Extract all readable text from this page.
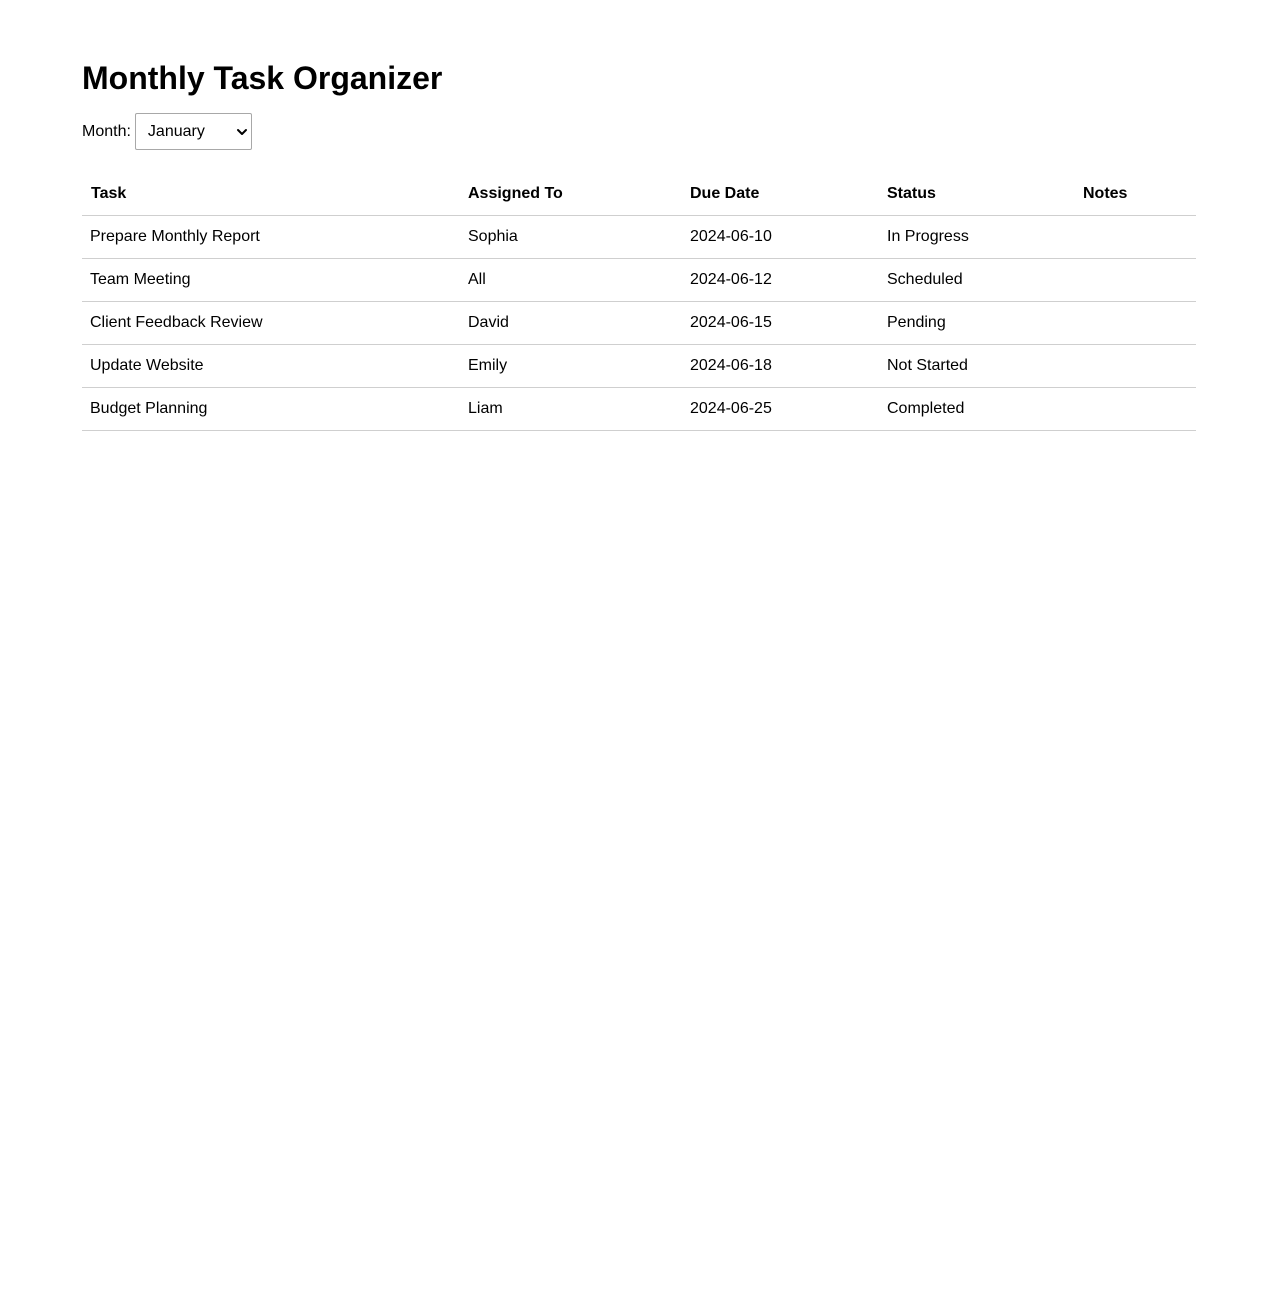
Monthly Task Organizer
Month: January
Task	Assigned To	Due Date	Status	Notes
Prepare Monthly Report	Sophia	2024-06-10	In Progress	
Team Meeting	All	2024-06-12	Scheduled	
Client Feedback Review	David	2024-06-15	Pending	
Update Website	Emily	2024-06-18	Not Started	
Budget Planning	Liam	2024-06-25	Completed	
